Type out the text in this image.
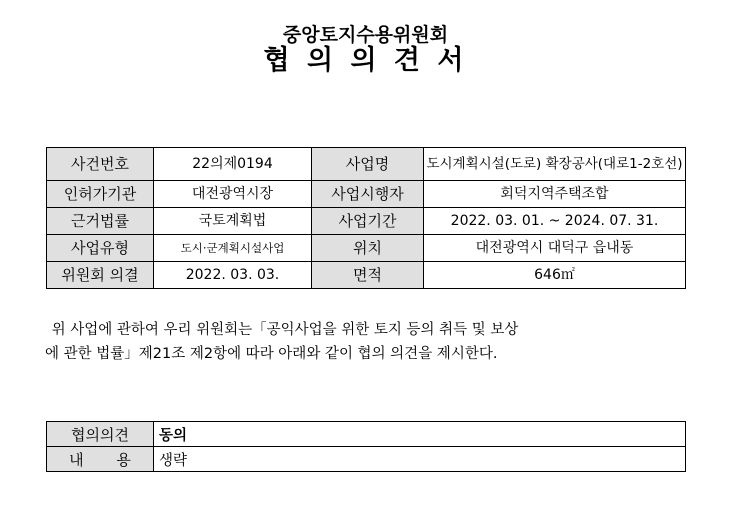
중앙토지수용위원회
협 의 의 견 서
사건번호	22의제0194	사업명	도시계획시설(도로) 확장공사(대로1-2호선)
인허가기관	대전광역시장	사업시행자	회덕지역주택조합
근거법률	국토계획법	사업기간	2022. 03. 01. ~ 2024. 07. 31.
사업유형	도시·군계획시설사업	위치	대전광역시 대덕구 읍내동
위원회 의결	2022. 03. 03.	면적	646㎡
위 사업에 관하여 우리 위원회는「공익사업을 위한 토지 등의 취득 및 보상
에 관한 법률」제21조 제2항에 따라 아래와 같이 협의 의견을 제시한다.
협의의견	동의
내 용	생략
